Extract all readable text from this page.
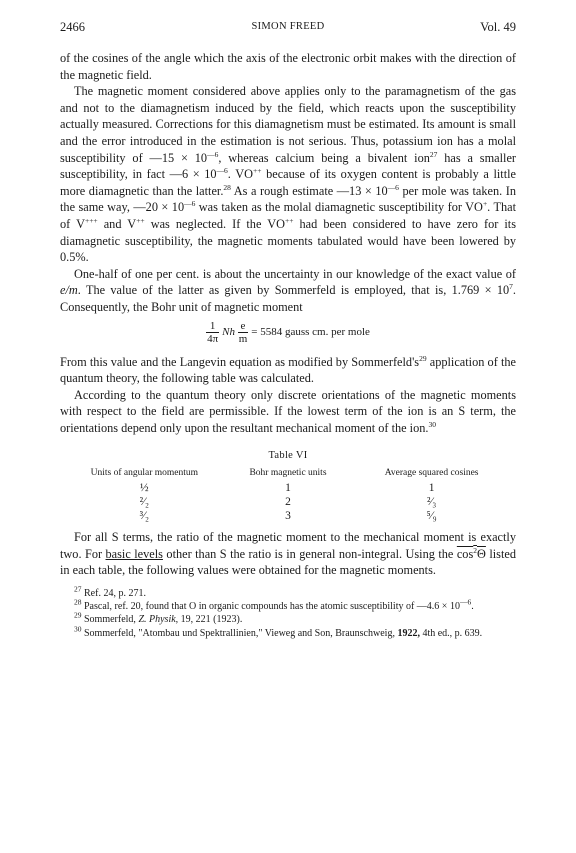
2466	SIMON FREED	Vol. 49

of the cosines of the angle which the axis of the electronic orbit makes with the direction of the magnetic field.

The magnetic moment considered above applies only to the paramagnetism of the gas and not to the diamagnetism induced by the field, which reacts upon the susceptibility actually measured. Corrections for this diamagnetism must be estimated. Its amount is small and the error introduced in the estimation is not serious. Thus, potassium ion has a molal susceptibility of —15 × $10^{—6}$, whereas calcium being a bivalent ion$^{27}$ has a smaller susceptibility, in fact —6 × $10^{—6}$. VO++ because of its oxygen content is probably a little more diamagnetic than the latter.$^{28}$ As a rough estimate —13 × $10^{—6}$ per mole was taken. In the same way, —20 × $10^{—6}$ was taken as the molal diamagnetic susceptibility for VO+. That of V+++ and V++ was neglected. If the VO++ had been considered to have zero for its diamagnetic susceptibility, the magnetic moments tabulated would have been lowered by 0.5%.

One-half of one per cent. is about the uncertainty in our knowledge of the exact value of e/m. The value of the latter as given by Sommerfeld is employed, that is, $1.769 \times 10^7$. Consequently, the Bohr unit of magnetic moment

$\frac{1}{4\pi}$ Nh $\frac{e}{m} = 5584$ gauss cm. per mole

From this value and the Langevin equation as modified by $Sommerfeld's^{29}$ application of the quantum theory, the following table was calculated.

According to the quantum theory only discrete orientations of the magnetic moments with respect to the field are permissible. If the lowest term of the ion is an S term, the orientations depend only upon the resultant mechanical moment of the ion.$^{30}$

Table VI
Units of angular momentum	Bohr magnetic units	Average squared cosines
½	1	1
²⁄₂	2	²⁄₃
³⁄₂	3	⁵⁄₉

For all S terms, the ratio of the magnetic moment to the mechanical moment is exactly two. For basic levels other than S the ratio is in general non-integral. Using the $\cos^2\Theta$ listed in each table, the following values were obtained for the magnetic moments.

$^{27}$ Ref. 24, p. 271.

$^{28}$ Pascal, ref. 20, found that O in organic compounds has the atomic susceptibility of —4.6 × $10^{—6}$.

$^{29}$ Sommerfeld, Z. Physik, 19, 221 (1923).

$^{30}$ Sommerfeld, "Atombau und Spektrallinien," Vieweg and Son, Braunschweig, 1922, 4th ed., p. 639.
